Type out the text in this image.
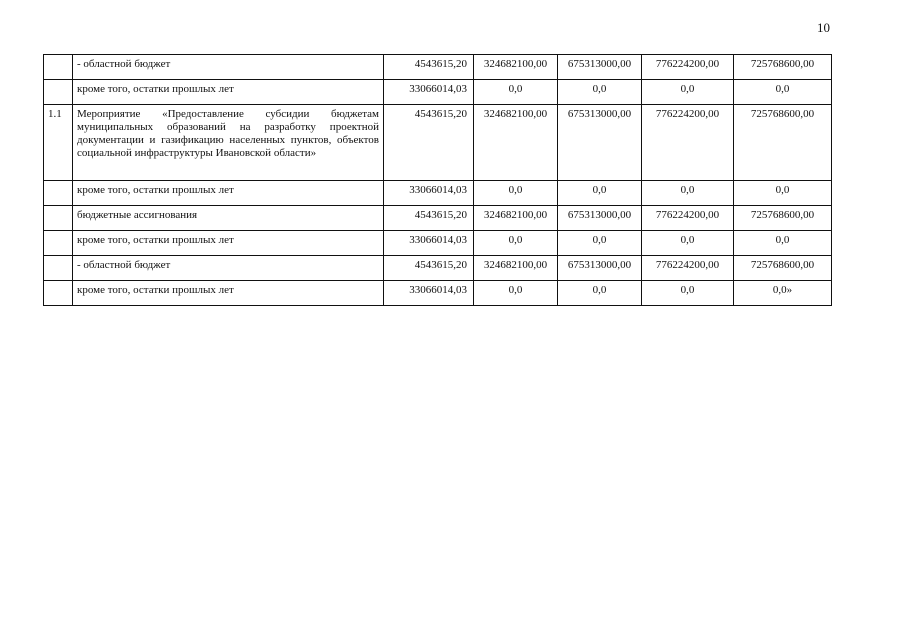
10
	- областной бюджет	4543615,20	324682100,00	675313000,00	776224200,00	725768600,00
	кроме того, остатки прошлых лет	33066014,03	0,0	0,0	0,0	0,0
1.1	Мероприятие «Предоставление субсидии бюджетам муниципальных образований на разработку проектной документации и газификацию населенных пунктов, объектов социальной инфраструктуры Ивановской области»	4543615,20	324682100,00	675313000,00	776224200,00	725768600,00
	кроме того, остатки прошлых лет	33066014,03	0,0	0,0	0,0	0,0
	бюджетные ассигнования	4543615,20	324682100,00	675313000,00	776224200,00	725768600,00
	кроме того, остатки прошлых лет	33066014,03	0,0	0,0	0,0	0,0
	- областной бюджет	4543615,20	324682100,00	675313000,00	776224200,00	725768600,00
	кроме того, остатки прошлых лет	33066014,03	0,0	0,0	0,0	0,0»
